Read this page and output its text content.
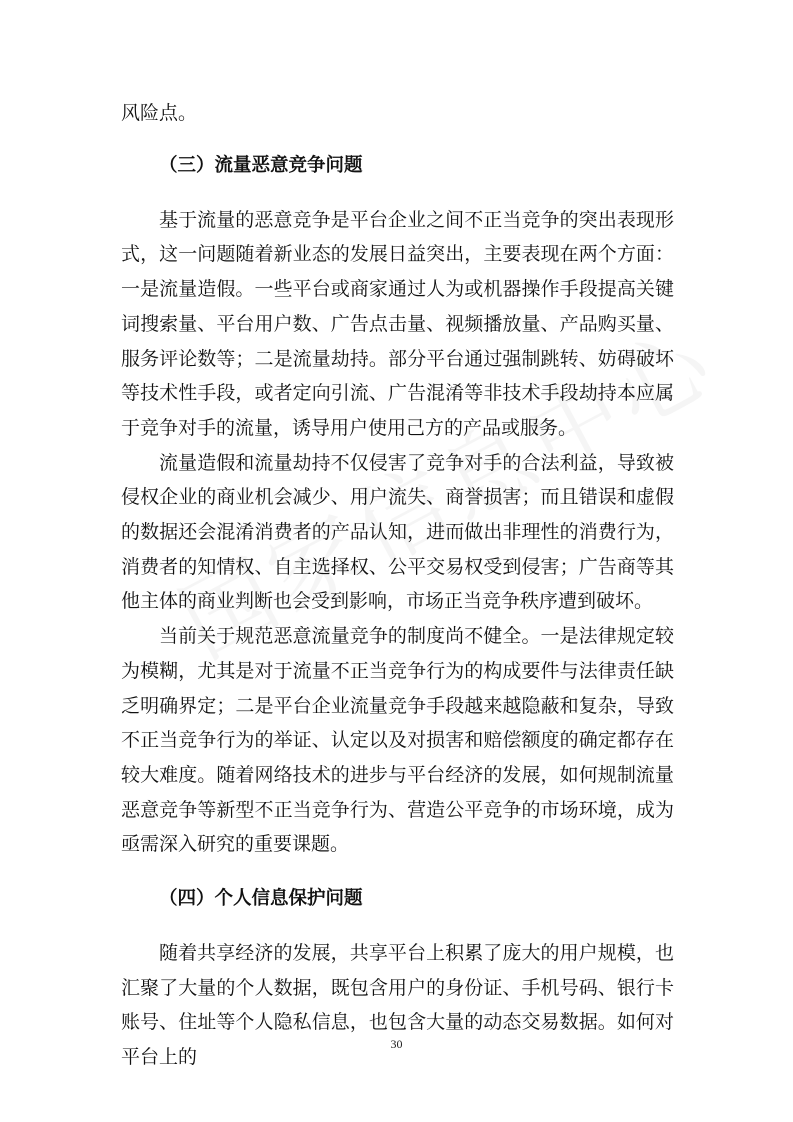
风险点。

（三）流量恶意竞争问题

基于流量的恶意竞争是平台企业之间不正当竞争的突出表现形式，这一问题随着新业态的发展日益突出，主要表现在两个方面：一是流量造假。一些平台或商家通过人为或机器操作手段提高关键词搜索量、平台用户数、广告点击量、视频播放量、产品购买量、服务评论数等；二是流量劫持。部分平台通过强制跳转、妨碍破坏等技术性手段，或者定向引流、广告混淆等非技术手段劫持本应属于竞争对手的流量，诱导用户使用己方的产品或服务。

流量造假和流量劫持不仅侵害了竞争对手的合法利益，导致被侵权企业的商业机会减少、用户流失、商誉损害；而且错误和虚假的数据还会混淆消费者的产品认知，进而做出非理性的消费行为，消费者的知情权、自主选择权、公平交易权受到侵害；广告商等其他主体的商业判断也会受到影响，市场正当竞争秩序遭到破坏。

当前关于规范恶意流量竞争的制度尚不健全。一是法律规定较为模糊，尤其是对于流量不正当竞争行为的构成要件与法律责任缺乏明确界定；二是平台企业流量竞争手段越来越隐蔽和复杂，导致不正当竞争行为的举证、认定以及对损害和赔偿额度的确定都存在较大难度。随着网络技术的进步与平台经济的发展，如何规制流量恶意竞争等新型不正当竞争行为、营造公平竞争的市场环境，成为亟需深入研究的重要课题。

（四）个人信息保护问题

随着共享经济的发展，共享平台上积累了庞大的用户规模，也汇聚了大量的个人数据，既包含用户的身份证、手机号码、银行卡账号、住址等个人隐私信息，也包含大量的动态交易数据。如何对平台上的

30
